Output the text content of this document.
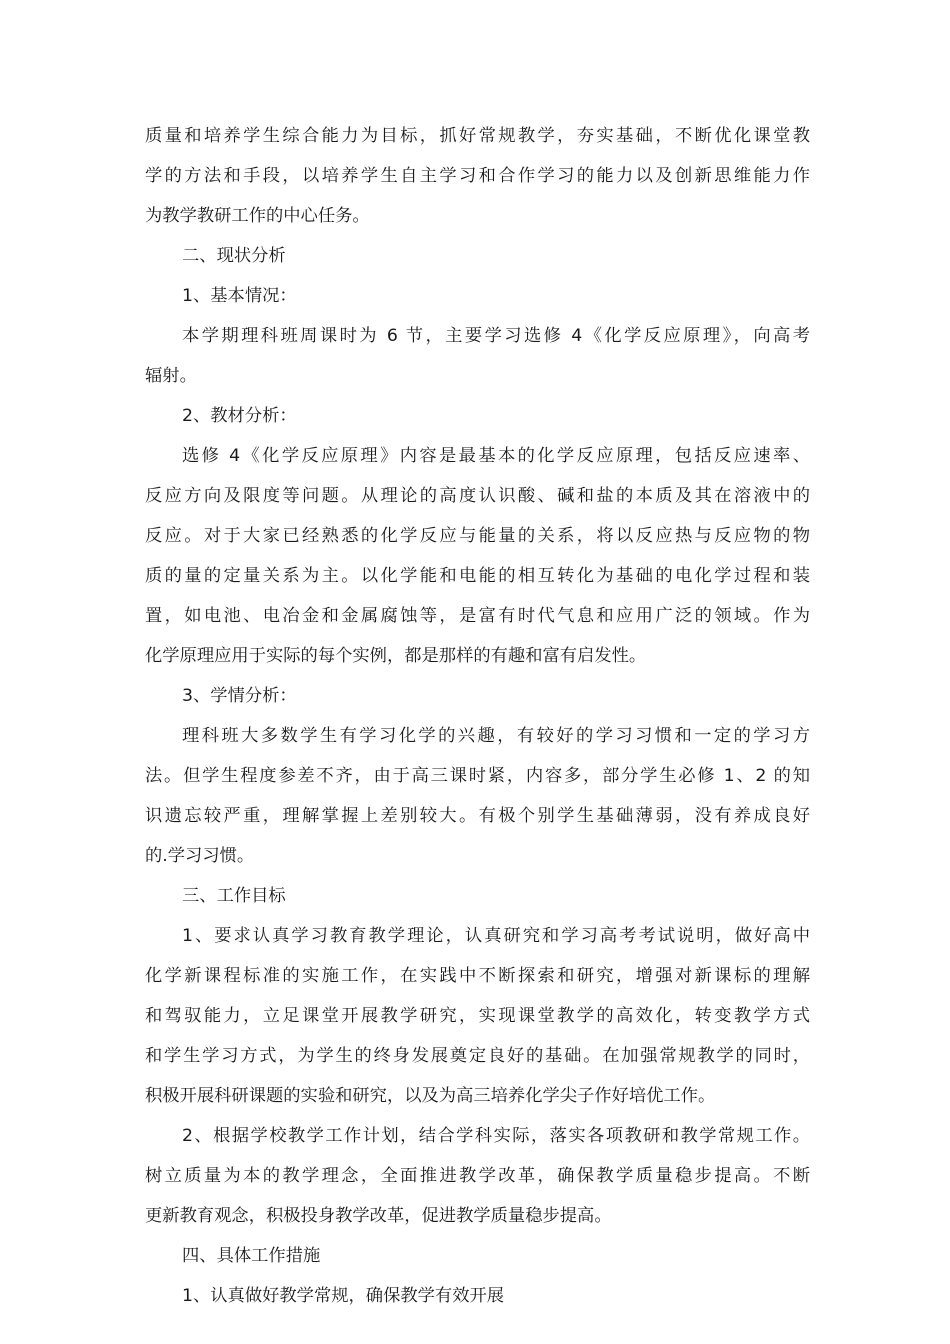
质量和培养学生综合能力为目标，抓好常规教学，夯实基础，不断优化课堂教
学的方法和手段，以培养学生自主学习和合作学习的能力以及创新思维能力作
为教学教研工作的中心任务。
二、现状分析
1、基本情况：
本学期理科班周课时为 6 节，主要学习选修 4《化学反应原理》，向高考
辐射。
2、教材分析：
选修 4《化学反应原理》内容是最基本的化学反应原理，包括反应速率、
反应方向及限度等问题。从理论的高度认识酸、碱和盐的本质及其在溶液中的
反应。对于大家已经熟悉的化学反应与能量的关系，将以反应热与反应物的物
质的量的定量关系为主。以化学能和电能的相互转化为基础的电化学过程和装
置，如电池、电冶金和金属腐蚀等，是富有时代气息和应用广泛的领域。作为
化学原理应用于实际的每个实例，都是那样的有趣和富有启发性。
3、学情分析：
理科班大多数学生有学习化学的兴趣，有较好的学习习惯和一定的学习方
法。但学生程度参差不齐，由于高三课时紧，内容多，部分学生必修 1、2 的知
识遗忘较严重，理解掌握上差别较大。有极个别学生基础薄弱，没有养成良好
的.学习习惯。
三、工作目标
1、要求认真学习教育教学理论，认真研究和学习高考考试说明，做好高中
化学新课程标准的实施工作，在实践中不断探索和研究，增强对新课标的理解
和驾驭能力，立足课堂开展教学研究，实现课堂教学的高效化，转变教学方式
和学生学习方式，为学生的终身发展奠定良好的基础。在加强常规教学的同时，
积极开展科研课题的实验和研究，以及为高三培养化学尖子作好培优工作。
2、根据学校教学工作计划，结合学科实际，落实各项教研和教学常规工作。
树立质量为本的教学理念，全面推进教学改革，确保教学质量稳步提高。不断
更新教育观念，积极投身教学改革，促进教学质量稳步提高。
四、具体工作措施
1、认真做好教学常规，确保教学有效开展
